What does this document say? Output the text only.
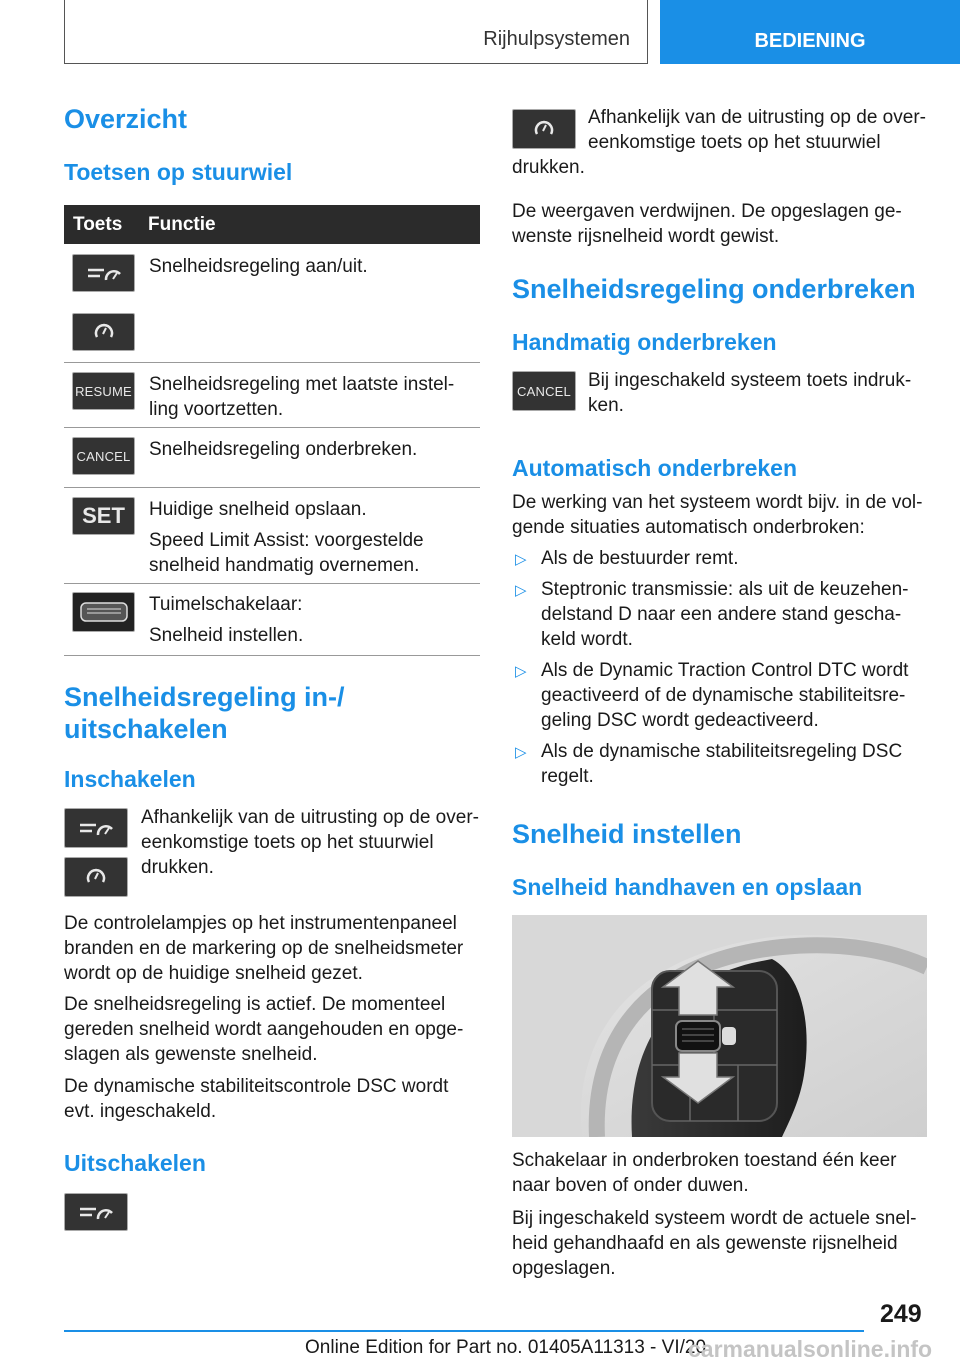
Rijhulpsystemen	BEDIENING
Overzicht
Toetsen op stuurwiel
Toets Functie
Snelheidsregeling aan/uit.
RESUME Snelheidsregeling met laatste instel-
ling voortzetten.
CANCEL Snelheidsregeling onderbreken.
SET Huidige snelheid opslaan.
Speed Limit Assist: voorgestelde
snelheid handmatig overnemen.
Tuimelschakelaar:
Snelheid instellen.
Snelheidsregeling in-/
uitschakelen
Inschakelen
Afhankelijk van de uitrusting op de over-
eenkomstige toets op het stuurwiel
drukken.
De controlelampjes op het instrumentenpaneel
branden en de markering op de snelheidsmeter
wordt op de huidige snelheid gezet.
De snelheidsregeling is actief. De momenteel
gereden snelheid wordt aangehouden en opge-
slagen als gewenste snelheid.
De dynamische stabiliteitscontrole DSC wordt
evt. ingeschakeld.
Uitschakelen
Afhankelijk van de uitrusting op de over-
eenkomstige toets op het stuurwiel
drukken.
De weergaven verdwijnen. De opgeslagen ge-
wenste rijsnelheid wordt gewist.
Snelheidsregeling onderbreken
Handmatig onderbreken
CANCEL Bij ingeschakeld systeem toets indruk-
ken.
Automatisch onderbreken
De werking van het systeem wordt bijv. in de vol-
gende situaties automatisch onderbroken:
▷ Als de bestuurder remt.
▷ Steptronic transmissie: als uit de keuzehen-
delstand D naar een andere stand gescha-
keld wordt.
▷ Als de Dynamic Traction Control DTC wordt
geactiveerd of de dynamische stabiliteitsre-
geling DSC wordt gedeactiveerd.
▷ Als de dynamische stabiliteitsregeling DSC
regelt.
Snelheid instellen
Snelheid handhaven en opslaan
Schakelaar in onderbroken toestand één keer
naar boven of onder duwen.
Bij ingeschakeld systeem wordt de actuele snel-
heid gehandhaafd en als gewenste rijsnelheid
opgeslagen.
249
Online Edition for Part no. 01405A11313 - VI/20
carmanualsonline.info
